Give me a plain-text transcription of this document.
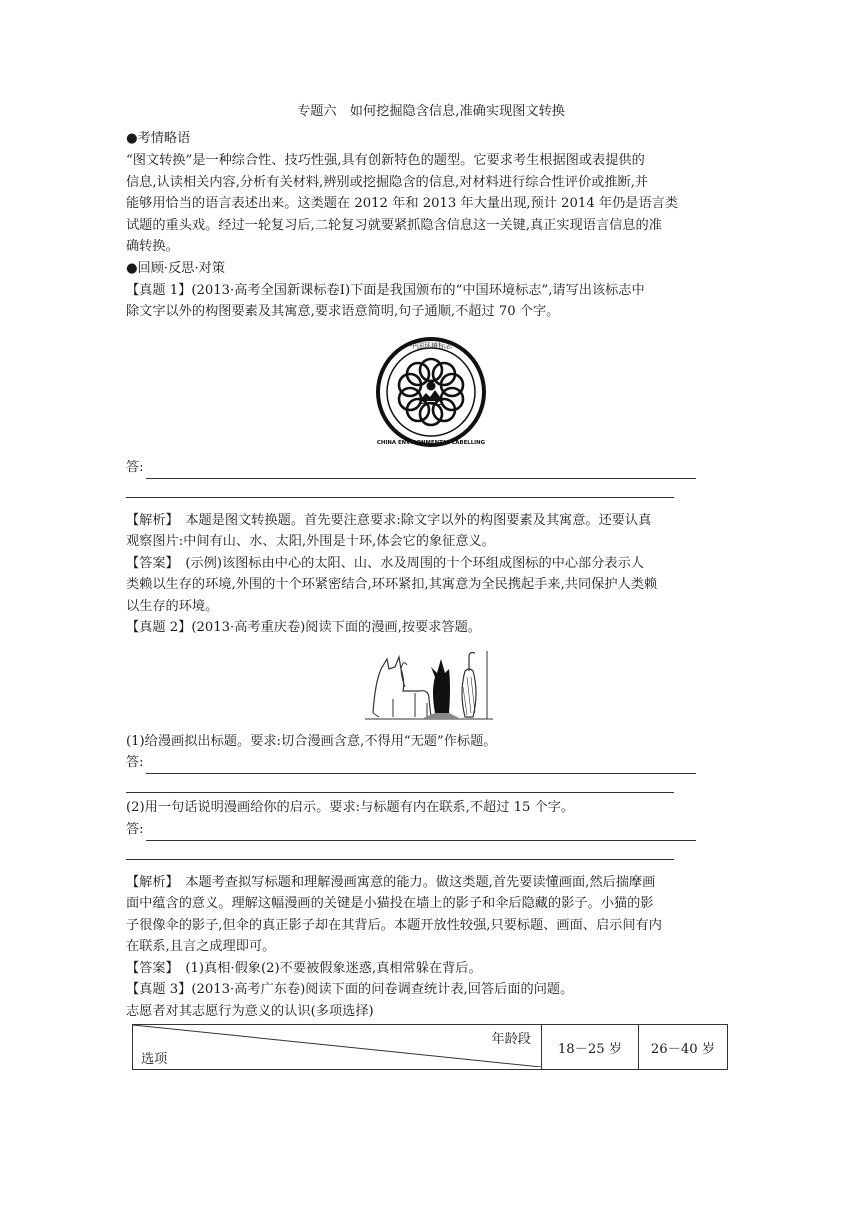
专题六　如何挖掘隐含信息,准确实现图文转换

●考情略语

“图文转换”是一种综合性、技巧性强,具有创新特色的题型。它要求考生根据图或表提供的

信息,认读相关内容,分析有关材料,辨别或挖掘隐含的信息,对材料进行综合性评价或推断,并

能够用恰当的语言表述出来。这类题在 2012 年和 2013 年大量出现,预计 2014 年仍是语言类

试题的重头戏。经过一轮复习后,二轮复习就要紧抓隐含信息这一关键,真正实现语言信息的准

确转换。

●回顾·反思·对策

【真题 1】(2013·高考全国新课标卷Ⅰ)下面是我国颁布的“中国环境标志”,请写出该标志中

除文字以外的构图要素及其寓意,要求语意简明,句子通顺,不超过 70 个字。

中国环境标志
CHINA ENVIRONMENTAL LABELLING
答:

【解析】　本题是图文转换题。首先要注意要求:除文字以外的构图要素及其寓意。还要认真

观察图片:中间有山、水、太阳,外围是十环,体会它的象征意义。

【答案】　(示例)该图标由中心的太阳、山、水及周围的十个环组成图标的中心部分表示人

类赖以生存的环境,外围的十个环紧密结合,环环紧扣,其寓意为全民携起手来,共同保护人类赖

以生存的环境。

【真题 2】(2013·高考重庆卷)阅读下面的漫画,按要求答题。

(1)给漫画拟出标题。要求:切合漫画含意,不得用“无题”作标题。

答:

(2)用一句话说明漫画给你的启示。要求:与标题有内在联系,不超过 15 个字。

答:

【解析】　本题考查拟写标题和理解漫画寓意的能力。做这类题,首先要读懂画面,然后揣摩画

面中蕴含的意义。理解这幅漫画的关键是小猫投在墙上的影子和伞后隐藏的影子。小猫的影

子很像伞的影子,但伞的真正影子却在其背后。本题开放性较强,只要标题、画面、启示间有内

在联系,且言之成理即可。

【答案】　(1)真相·假象(2)不要被假象迷惑,真相常躲在背后。

【真题 3】(2013·高考广东卷)阅读下面的问卷调查统计表,回答后面的问题。

志愿者对其志愿行为意义的认识(多项选择)

年龄段
选项
	18－25 岁	26－40 岁
